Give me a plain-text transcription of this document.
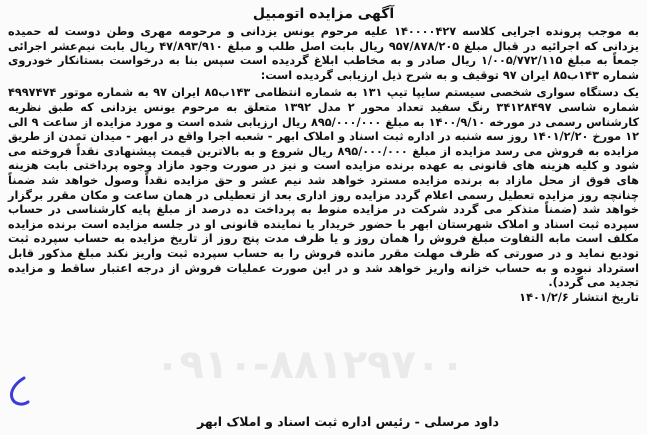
۰۹۱۰-۸۸۱۲۹۷۰۰
آگهی مزایده اتومبیل

به موجب پرونده اجرایی کلاسه ۱۴۰۰۰۰۴۲۷ علیه مرحوم یونس یزدانی و مرحومه مهری وطن دوست له حمیده یزدانی که اجرائیه در قبال مبلغ ۹۵۷/۸۷۸/۲۰۵ ریال بابت اصل طلب و مبلغ ۴۷/۸۹۳/۹۱۰ ریال بابت نیم‌عشر اجرائی جمعاً به مبلغ ۱/۰۰۵/۷۷۲/۱۱۵ ریال صادر و به مخاطب ابلاغ گردیده است سپس بنا به درخواست بستانکار خودروی شماره ۱۴۳ب۸۵ ایران ۹۷ توقیف و به شرح ذیل ارزیابی گردیده است:

یک دستگاه سواری شخصی سیستم سایپا تیپ ۱۳۱ به شماره انتظامی ۱۴۳ب۸۵ ایران ۹۷ به شماره موتور ۴۹۹۷۴۷۴ شماره شاسی ۳۴۱۲۸۴۹۷ رنگ سفید تعداد محور ۲ مدل ۱۳۹۲ متعلق به مرحوم یونس یزدانی که طبق نظریه کارشناس رسمی در مورخه ۱۴۰۰/۹/۱۰ به مبلغ ۸۹۵/۰۰۰/۰۰۰ ریال ارزیابی شده است و مورد مزایده از ساعت ۹ الی ۱۲ مورخ ۱۴۰۱/۲/۲۰ روز سه شنبه در اداره ثبت اسناد و املاک ابهر - شعبه اجرا واقع در ابهر - میدان تمدن از طریق مزایده به فروش می رسد مزایده از مبلغ ۸۹۵/۰۰۰/۰۰۰ ریال شروع و به بالاترین قیمت پیشنهادی نقداً فروخته می شود و کلیه هزینه های قانونی به عهده برنده مزایده است و نیز در صورت وجود مازاد وجوه پرداختی بابت هزینه های فوق از محل مازاد به برنده مزایده مسترد خواهد شد نیم عشر و حق مزایده نقداً وصول خواهد شد ضمناً چنانچه روز مزایده تعطیل رسمی اعلام گردد مزایده روز اداری بعد از تعطیلی در همان ساعت و مکان مقرر برگزار خواهد شد (ضمناً متذکر می گردد شرکت در مزایده منوط به پرداخت ده درصد از مبلغ پایه کارشناسی در حساب سپرده ثبت اسناد و املاک شهرستان ابهر با حضور خریدار یا نماینده قانونی او در جلسه مزایده است برنده مزایده مکلف است مابه التفاوت مبلغ فروش را همان روز و یا ظرف مدت پنج روز از تاریخ مزایده به حساب سپرده ثبت تودیع نماید و در صورتی که ظرف مهلت مقرر مانده فروش را به حساب سپرده ثبت واریز نکند مبلغ مذکور قابل استرداد نبوده و به حساب خزانه واریز خواهد شد و در این صورت عملیات فروش از درجه اعتبار ساقط و مزایده تجدید می گردد).

تاریخ انتشار ۱۴۰۱/۲/۶

داود مرسلی - رئیس اداره ثبت اسناد و املاک ابهر
